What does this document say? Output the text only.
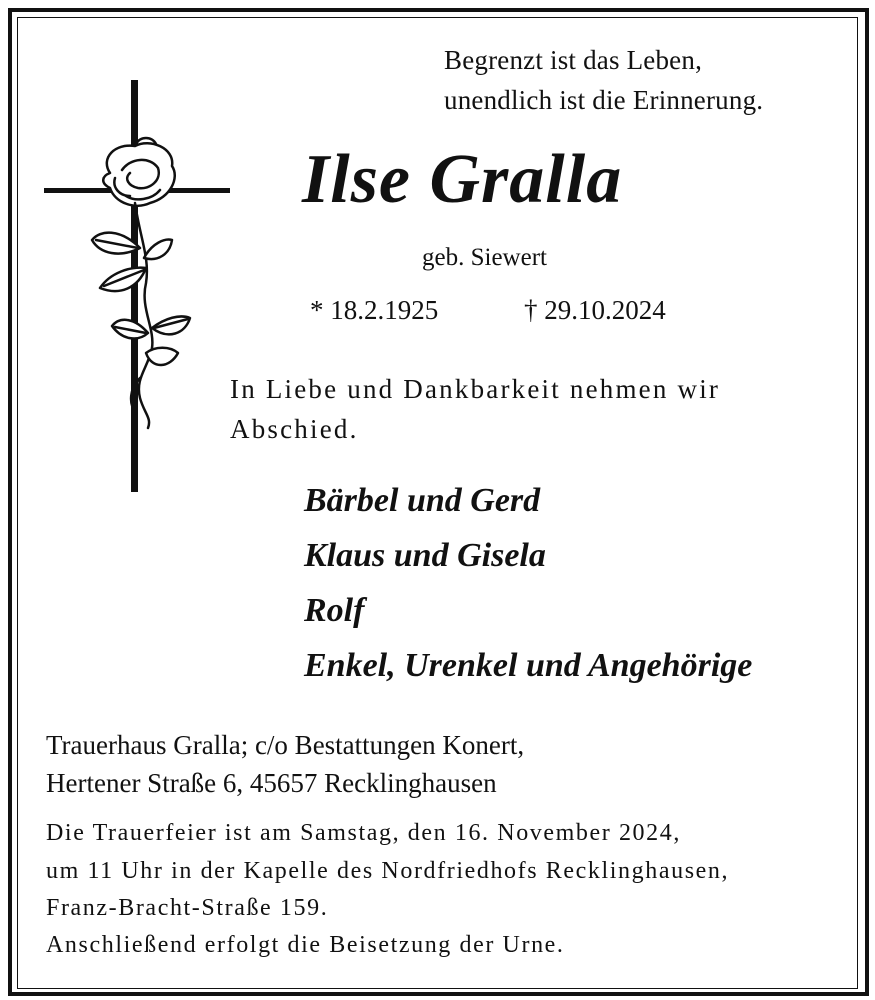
Begrenzt ist das Leben,
unendlich ist die Erinnerung.
Ilse Gralla
geb. Siewert
* 18.2.1925	† 29.10.2024
In Liebe und Dankbarkeit nehmen wir
Abschied.
Bärbel und Gerd
Klaus und Gisela
Rolf
Enkel, Urenkel und Angehörige
Trauerhaus Gralla; c/o Bestattungen Konert,
Hertener Straße 6, 45657 Recklinghausen
Die Trauerfeier ist am Samstag, den 16. November 2024,
um 11 Uhr in der Kapelle des Nordfriedhofs Recklinghausen,
Franz-Bracht-Straße 159.
Anschließend erfolgt die Beisetzung der Urne.
